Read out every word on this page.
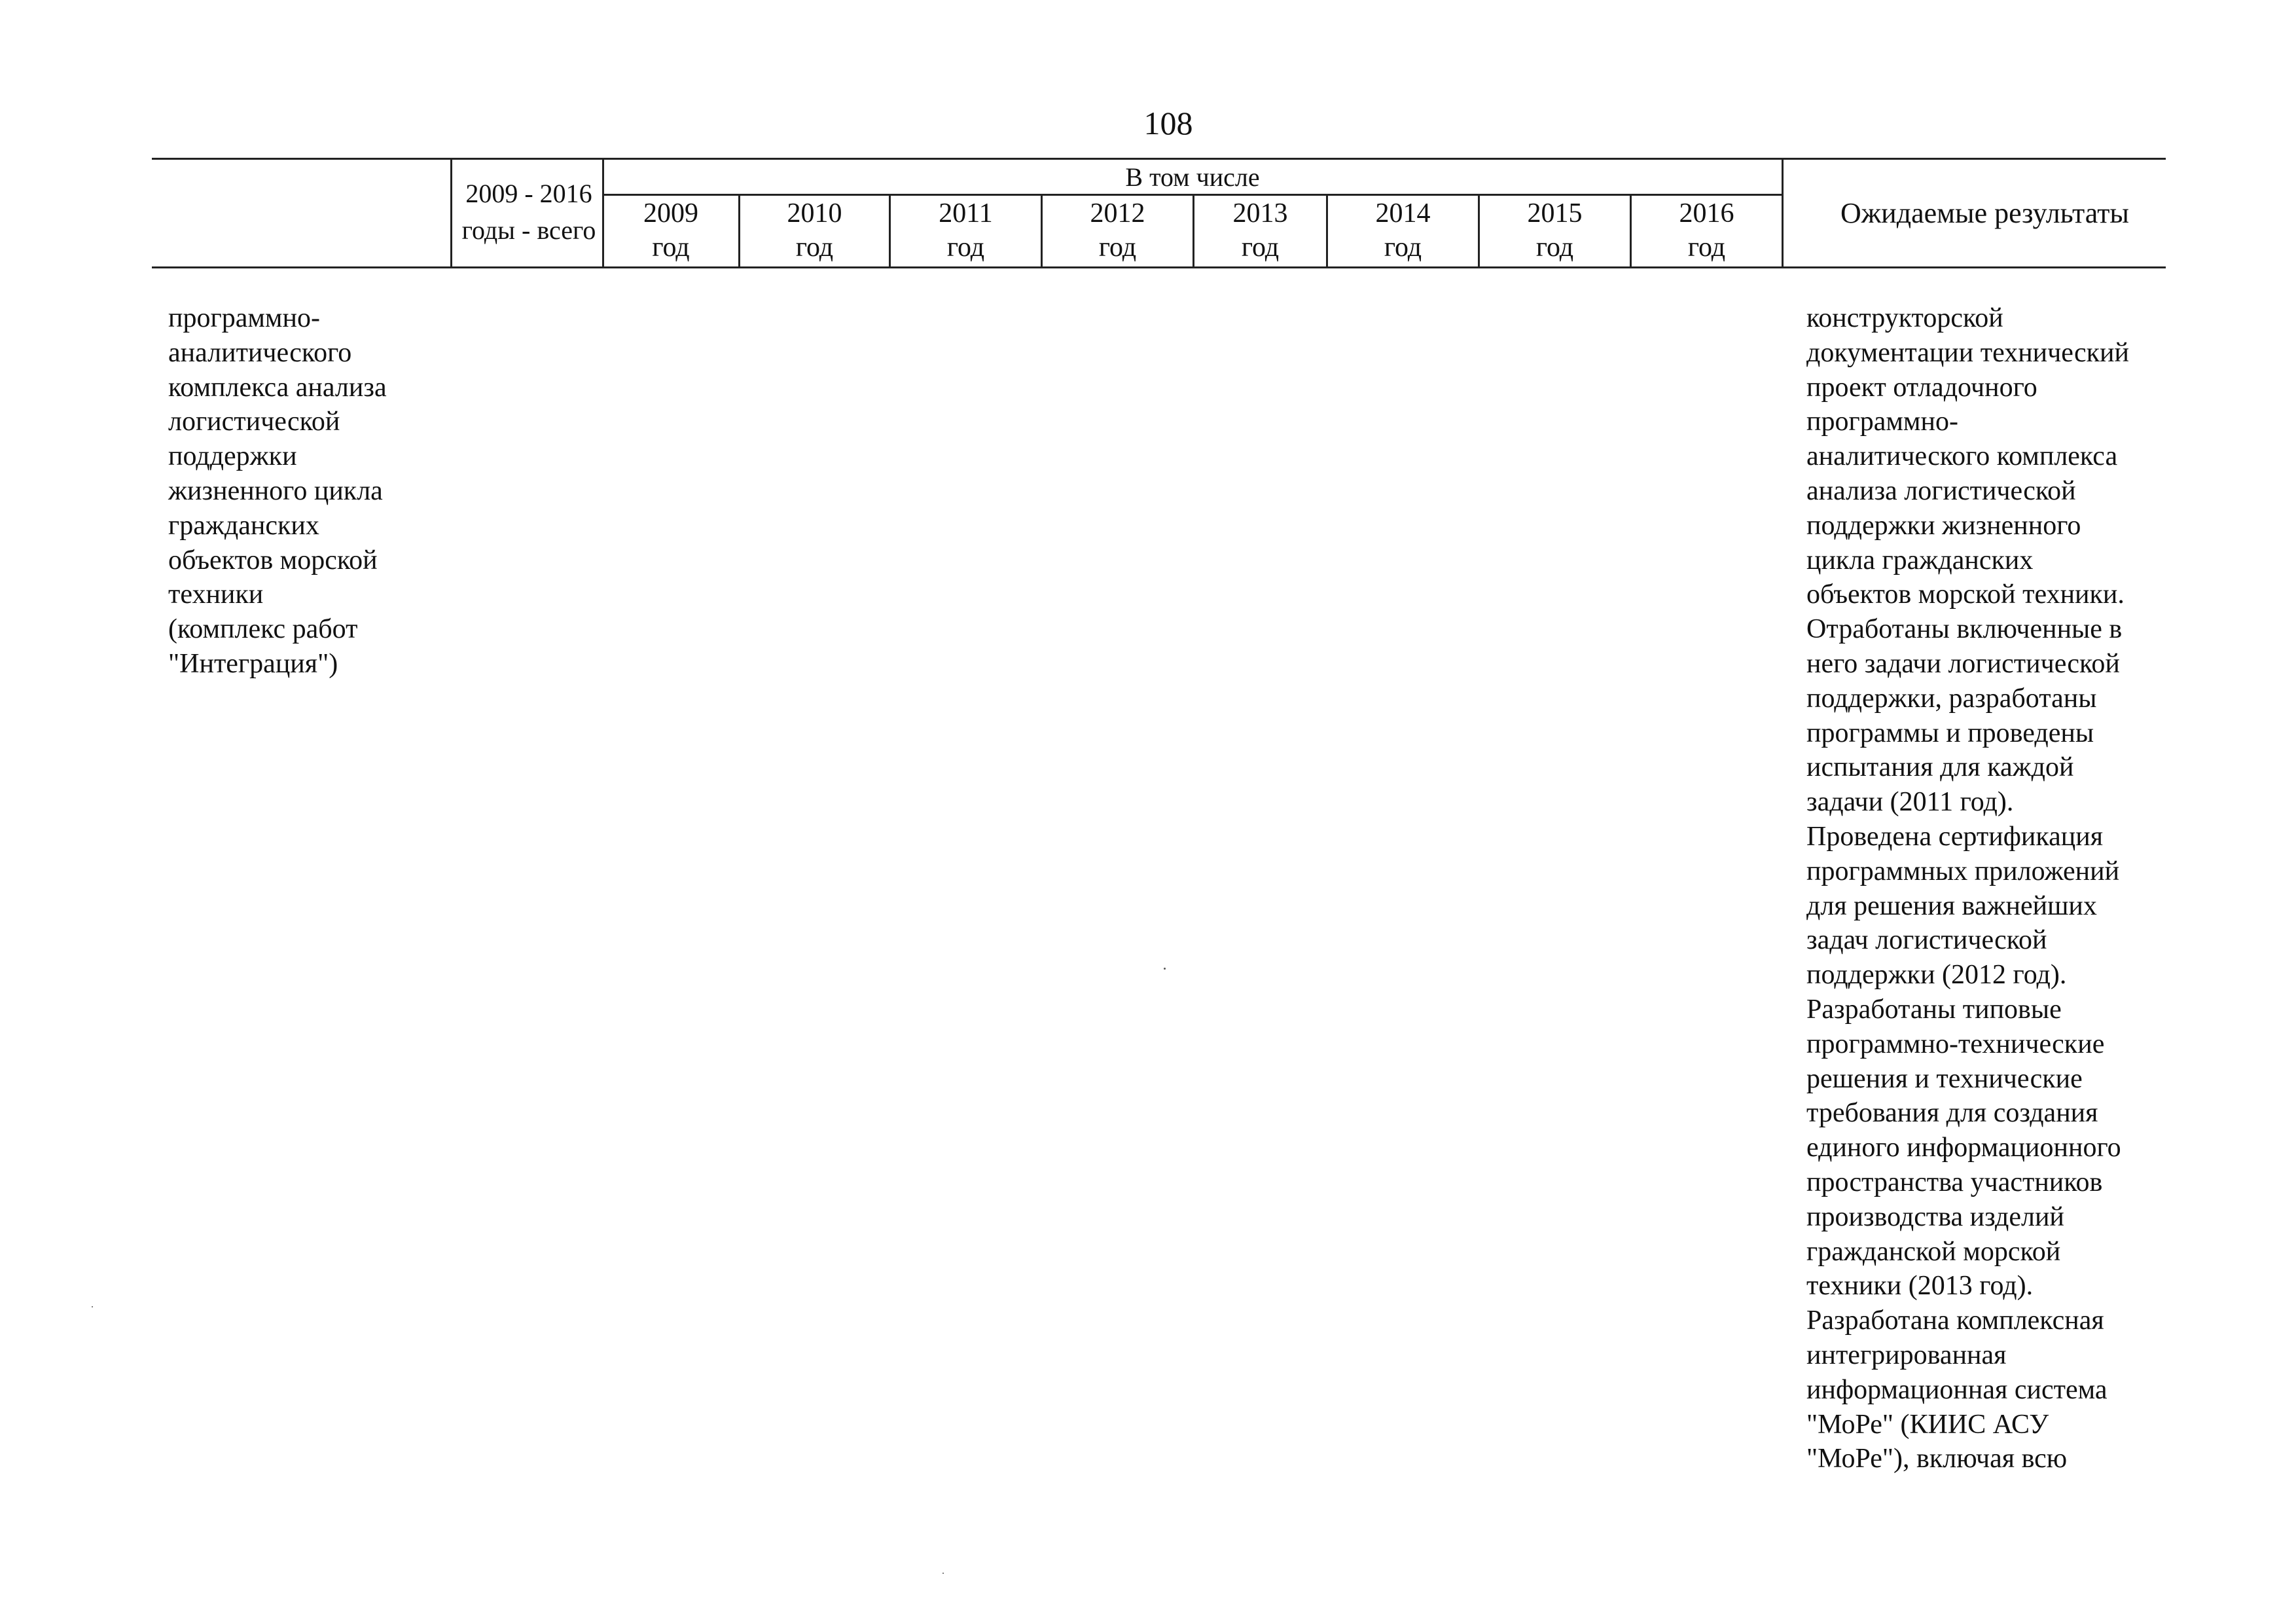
108
2009 - 2016
годы - всего
В том числе
2009
год
2010
год
2011
год
2012
год
2013
год
2014
год
2015
год
2016
год
Ожидаемые результаты
программно-
аналитического
комплекса анализа
логистической
поддержки
жизненного цикла
гражданских
объектов морской
техники
(комплекс работ
"Интеграция")
конструкторской
документации технический
проект отладочного
программно-
аналитического комплекса
анализа логистической
поддержки жизненного
цикла гражданских
объектов морской техники.
Отработаны включенные в
него задачи логистической
поддержки, разработаны
программы и проведены
испытания для каждой
задачи (2011 год).
Проведена сертификация
программных приложений
для решения важнейших
задач логистической
поддержки (2012 год).
Разработаны типовые
программно-технические
решения и технические
требования для создания
единого информационного
пространства участников
производства изделий
гражданской морской
техники (2013 год).
Разработана комплексная
интегрированная
информационная система
"МоРе" (КИИС АСУ
"МоРе"), включая всю
